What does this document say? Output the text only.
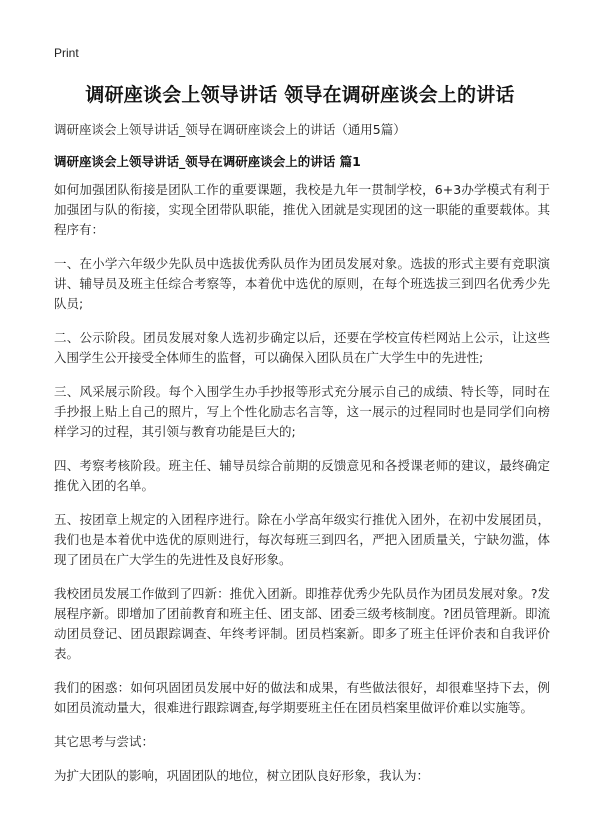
Print
调研座谈会上领导讲话 领导在调研座谈会上的讲话
调研座谈会上领导讲话_领导在调研座谈会上的讲话（通用5篇）
调研座谈会上领导讲话_领导在调研座谈会上的讲话 篇1

如何加强团队衔接是团队工作的重要课题，我校是九年一贯制学校，6+3办学模式有利于加强团与队的衔接，实现全团带队职能，推优入团就是实现团的这一职能的重要载体。其程序有：

一、在小学六年级少先队员中选拔优秀队员作为团员发展对象。选拔的形式主要有竞职演讲、辅导员及班主任综合考察等，本着优中选优的原则，在每个班选拔三到四名优秀少先队员;

二、公示阶段。团员发展对象人选初步确定以后，还要在学校宣传栏网站上公示，让这些入围学生公开接受全体师生的监督，可以确保入团队员在广大学生中的先进性;

三、风采展示阶段。每个入围学生办手抄报等形式充分展示自己的成绩、特长等，同时在手抄报上贴上自己的照片，写上个性化励志名言等，这一展示的过程同时也是同学们向榜样学习的过程，其引领与教育功能是巨大的;

四、考察考核阶段。班主任、辅导员综合前期的反馈意见和各授课老师的建议，最终确定推优入团的名单。

五、按团章上规定的入团程序进行。除在小学高年级实行推优入团外，在初中发展团员，我们也是本着优中选优的原则进行，每次每班三到四名，严把入团质量关，宁缺勿滥，体现了团员在广大学生的先进性及良好形象。

我校团员发展工作做到了四新：推优入团新。即推荐优秀少先队员作为团员发展对象。?发展程序新。即增加了团前教育和班主任、团支部、团委三级考核制度。?团员管理新。即流动团员登记、团员跟踪调查、年终考评制。团员档案新。即多了班主任评价表和自我评价表。

我们的困惑：如何巩固团员发展中好的做法和成果，有些做法很好，却很难坚持下去，例如团员流动量大，很难进行跟踪调查,每学期要班主任在团员档案里做评价难以实施等。

其它思考与尝试：

为扩大团队的影响，巩固团队的地位，树立团队良好形象，我认为：
